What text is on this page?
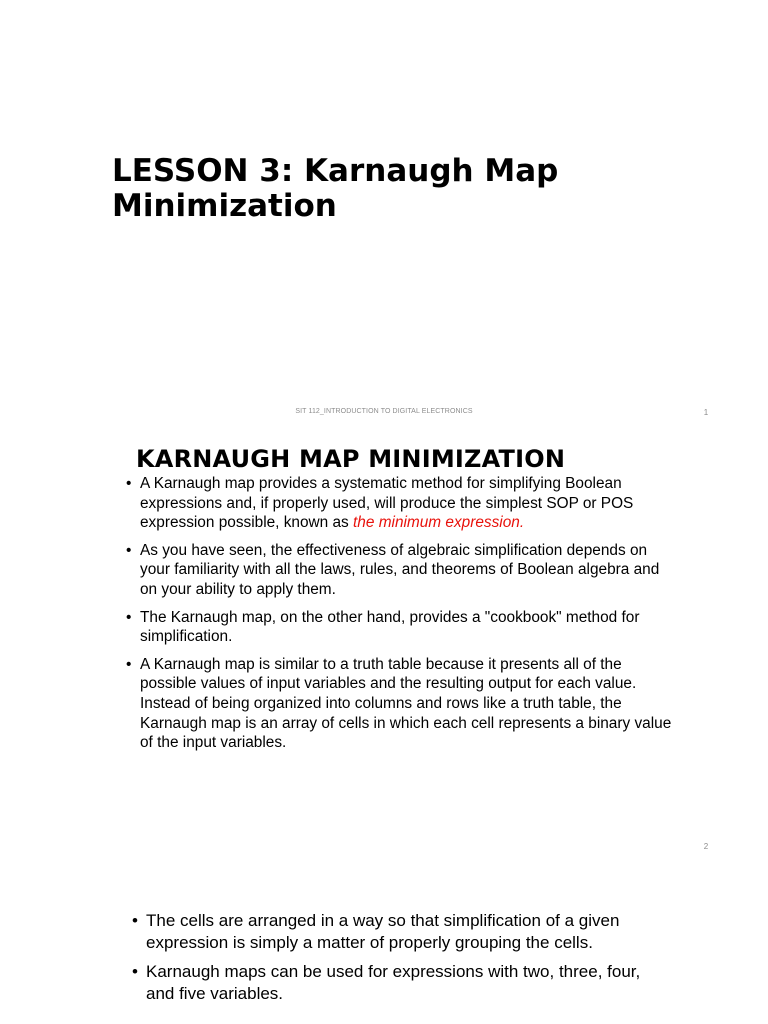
LESSON 3: Karnaugh Map Minimization
SIT 112_INTRODUCTION TO DIGITAL ELECTRONICS	1
KARNAUGH MAP MINIMIZATION
• A Karnaugh map provides a systematic method for simplifying Boolean expressions and, if properly used, will produce the simplest SOP or POS expression possible, known as the minimum expression.
• As you have seen, the effectiveness of algebraic simplification depends on your familiarity with all the laws, rules, and theorems of Boolean algebra and on your ability to apply them.
• The Karnaugh map, on the other hand, provides a "cookbook" method for simplification.
• A Karnaugh map is similar to a truth table because it presents all of the possible values of input variables and the resulting output for each value. Instead of being organized into columns and rows like a truth table, the Karnaugh map is an array of cells in which each cell represents a binary value of the input variables.
2
• The cells are arranged in a way so that simplification of a given expression is simply a matter of properly grouping the cells.
• Karnaugh maps can be used for expressions with two, three, four, and five variables.
